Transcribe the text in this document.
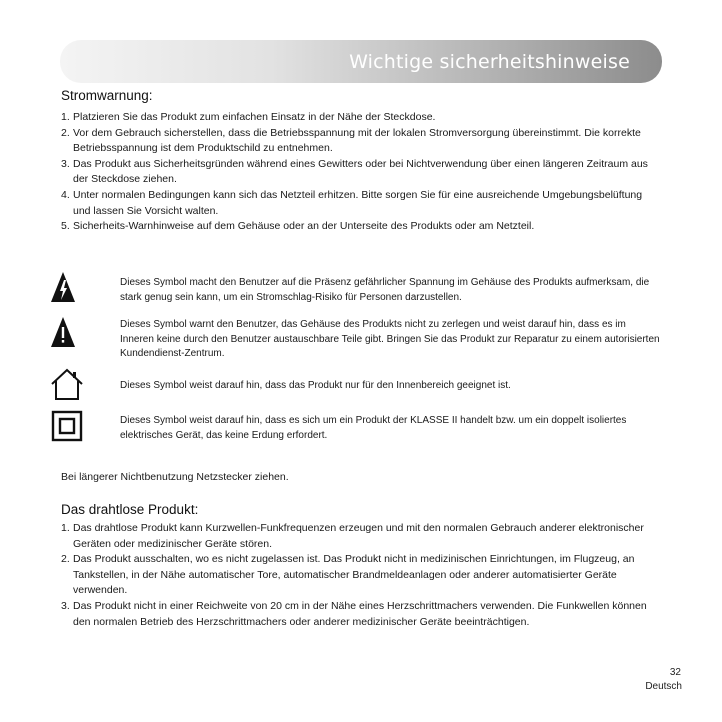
Wichtige sicherheitshinweise
Stromwarnung:
1. Platzieren Sie das Produkt zum einfachen Einsatz in der Nähe der Steckdose.
2. Vor dem Gebrauch sicherstellen, dass die Betriebsspannung mit der lokalen Stromversorgung übereinstimmt. Die korrekte Betriebsspannung ist dem Produktschild zu entnehmen.
3. Das Produkt aus Sicherheitsgründen während eines Gewitters oder bei Nichtverwendung über einen längeren Zeitraum aus der Steckdose ziehen.
4. Unter normalen Bedingungen kann sich das Netzteil erhitzen. Bitte sorgen Sie für eine ausreichende Umgebungsbelüftung und lassen Sie Vorsicht walten.
5. Sicherheits-Warnhinweise auf dem Gehäuse oder an der Unterseite des Produkts oder am Netzteil.
Dieses Symbol macht den Benutzer auf die Präsenz gefährlicher Spannung im Gehäuse des Produkts aufmerksam, die stark genug sein kann, um ein Stromschlag-Risiko für Personen darzustellen.
Dieses Symbol warnt den Benutzer, das Gehäuse des Produkts nicht zu zerlegen und weist darauf hin, dass es im Inneren keine durch den Benutzer austauschbare Teile gibt. Bringen Sie das Produkt zur Reparatur zu einem autorisierten Kundendienst-Zentrum.
Dieses Symbol weist darauf hin, dass das Produkt nur für den Innenbereich geeignet ist.
Dieses Symbol weist darauf hin, dass es sich um ein Produkt der KLASSE II handelt bzw. um ein doppelt isoliertes elektrisches Gerät, das keine Erdung erfordert.
Bei längerer Nichtbenutzung Netzstecker ziehen.
Das drahtlose Produkt:
1. Das drahtlose Produkt kann Kurzwellen-Funkfrequenzen erzeugen und mit den normalen Gebrauch anderer elektronischer Geräten oder medizinischer Geräte stören.
2. Das Produkt ausschalten, wo es nicht zugelassen ist. Das Produkt nicht in medizinischen Einrichtungen, im Flugzeug, an Tankstellen, in der Nähe automatischer Tore, automatischer Brandmeldeanlagen oder anderer automatisierter Geräte verwenden.
3. Das Produkt nicht in einer Reichweite von 20 cm in der Nähe eines Herzschrittmachers verwenden. Die Funkwellen können den normalen Betrieb des Herzschrittmachers oder anderer medizinischer Geräte beeinträchtigen.
32
Deutsch
